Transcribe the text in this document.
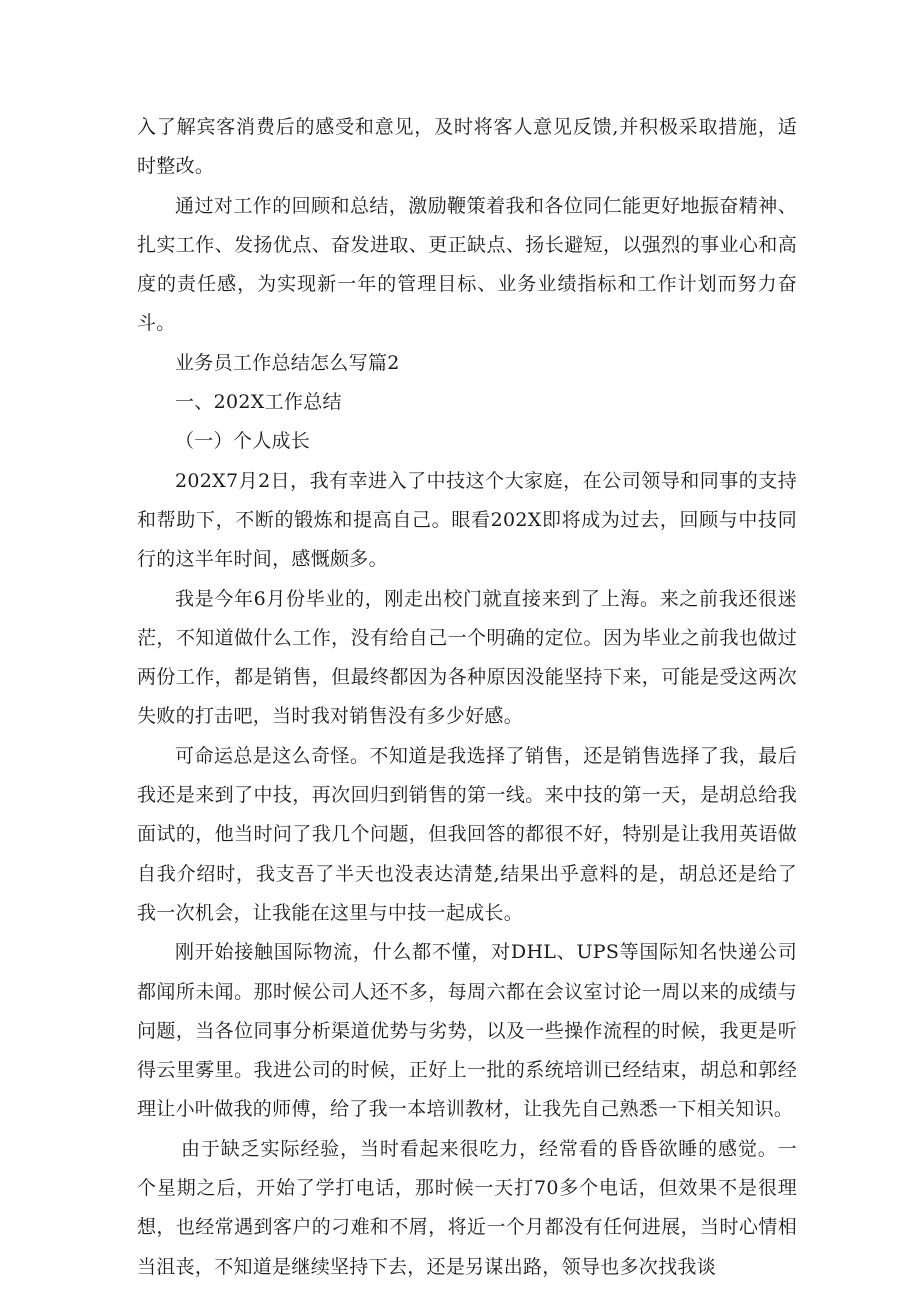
入了解宾客消费后的感受和意见，及时将客人意见反馈,并积极采取措施，适时整改。

通过对工作的回顾和总结，激励鞭策着我和各位同仁能更好地振奋精神、扎实工作、发扬优点、奋发进取、更正缺点、扬长避短，以强烈的事业心和高度的责任感，为实现新一年的管理目标、业务业绩指标和工作计划而努力奋斗。

业务员工作总结怎么写篇2

一、202X工作总结

（一）个人成长

202X7月2日，我有幸进入了中技这个大家庭，在公司领导和同事的支持和帮助下，不断的锻炼和提高自己。眼看202X即将成为过去，回顾与中技同行的这半年时间，感慨颇多。

我是今年6月份毕业的，刚走出校门就直接来到了上海。来之前我还很迷茫，不知道做什么工作，没有给自己一个明确的定位。因为毕业之前我也做过两份工作，都是销售，但最终都因为各种原因没能坚持下来，可能是受这两次失败的打击吧，当时我对销售没有多少好感。

可命运总是这么奇怪。不知道是我选择了销售，还是销售选择了我，最后我还是来到了中技，再次回归到销售的第一线。来中技的第一天，是胡总给我面试的，他当时问了我几个问题，但我回答的都很不好，特别是让我用英语做自我介绍时，我支吾了半天也没表达清楚,结果出乎意料的是，胡总还是给了我一次机会，让我能在这里与中技一起成长。

刚开始接触国际物流，什么都不懂，对DHL、UPS等国际知名快递公司都闻所未闻。那时候公司人还不多，每周六都在会议室讨论一周以来的成绩与问题，当各位同事分析渠道优势与劣势，以及一些操作流程的时候，我更是听得云里雾里。我进公司的时候，正好上一批的系统培训已经结束，胡总和郭经理让小叶做我的师傅，给了我一本培训教材，让我先自己熟悉一下相关知识。

由于缺乏实际经验，当时看起来很吃力，经常看的昏昏欲睡的感觉。一个星期之后，开始了学打电话，那时候一天打70多个电话，但效果不是很理想，也经常遇到客户的刁难和不屑，将近一个月都没有任何进展，当时心情相当沮丧，不知道是继续坚持下去，还是另谋出路，领导也多次找我谈
